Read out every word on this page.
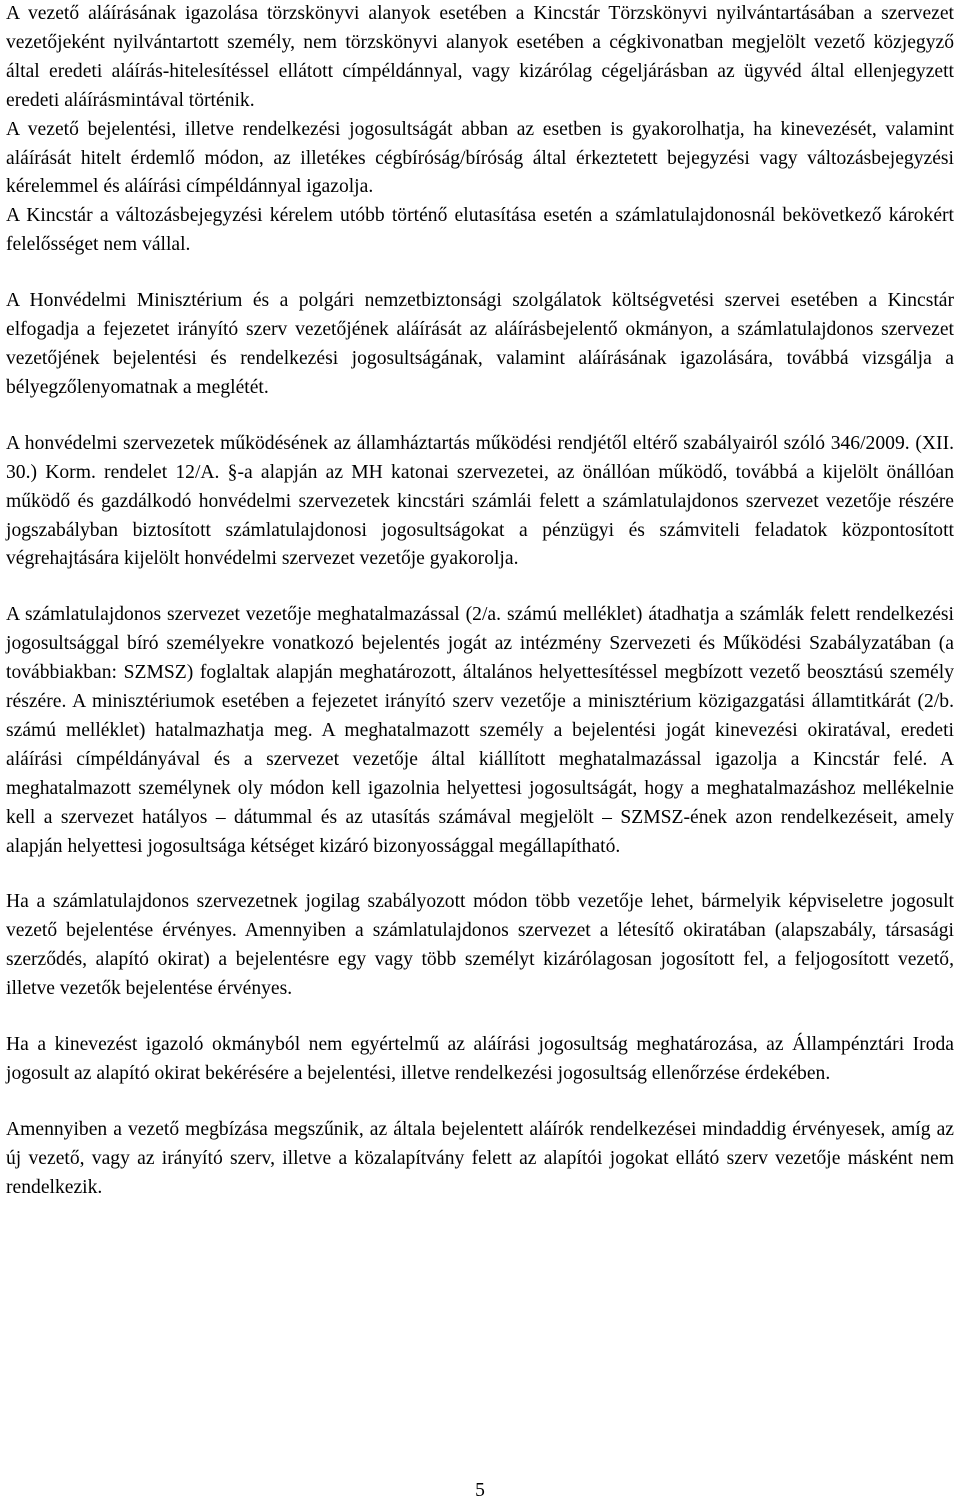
A vezető aláírásának igazolása törzskönyvi alanyok esetében a Kincstár Törzskönyvi nyilvántartásában a szervezet vezetőjeként nyilvántartott személy, nem törzskönyvi alanyok esetében a cégkivonatban megjelölt vezető közjegyző által eredeti aláírás-hitelesítéssel ellátott címpéldánnyal, vagy kizárólag cégeljárásban az ügyvéd által ellenjegyzett eredeti aláírásmintával történik.

A vezető bejelentési, illetve rendelkezési jogosultságát abban az esetben is gyakorolhatja, ha kinevezését, valamint aláírását hitelt érdemlő módon, az illetékes cégbíróság/bíróság által érkeztetett bejegyzési vagy változásbejegyzési kérelemmel és aláírási címpéldánnyal igazolja.

A Kincstár a változásbejegyzési kérelem utóbb történő elutasítása esetén a számlatulajdonosnál bekövetkező károkért felelősséget nem vállal.

A Honvédelmi Minisztérium és a polgári nemzetbiztonsági szolgálatok költségvetési szervei esetében a Kincstár elfogadja a fejezetet irányító szerv vezetőjének aláírását az aláírásbejelentő okmányon, a számlatulajdonos szervezet vezetőjének bejelentési és rendelkezési jogosultságának, valamint aláírásának igazolására, továbbá vizsgálja a bélyegzőlenyomatnak a meglétét.

A honvédelmi szervezetek működésének az államháztartás működési rendjétől eltérő szabályairól szóló 346/2009. (XII. 30.) Korm. rendelet 12/A. §-a alapján az MH katonai szervezetei, az önállóan működő, továbbá a kijelölt önállóan működő és gazdálkodó honvédelmi szervezetek kincstári számlái felett a számlatulajdonos szervezet vezetője részére jogszabályban biztosított számlatulajdonosi jogosultságokat a pénzügyi és számviteli feladatok központosított végrehajtására kijelölt honvédelmi szervezet vezetője gyakorolja.

A számlatulajdonos szervezet vezetője meghatalmazással (2/a. számú melléklet) átadhatja a számlák felett rendelkezési jogosultsággal bíró személyekre vonatkozó bejelentés jogát az intézmény Szervezeti és Működési Szabályzatában (a továbbiakban: SZMSZ) foglaltak alapján meghatározott, általános helyettesítéssel megbízott vezető beosztású személy részére. A minisztériumok esetében a fejezetet irányító szerv vezetője a minisztérium közigazgatási államtitkárát (2/b. számú melléklet) hatalmazhatja meg. A meghatalmazott személy a bejelentési jogát kinevezési okiratával, eredeti aláírási címpéldányával és a szervezet vezetője által kiállított meghatalmazással igazolja a Kincstár felé. A meghatalmazott személynek oly módon kell igazolnia helyettesi jogosultságát, hogy a meghatalmazáshoz mellékelnie kell a szervezet hatályos – dátummal és az utasítás számával megjelölt – SZMSZ-ének azon rendelkezéseit, amely alapján helyettesi jogosultsága kétséget kizáró bizonyossággal megállapítható.

Ha a számlatulajdonos szervezetnek jogilag szabályozott módon több vezetője lehet, bármelyik képviseletre jogosult vezető bejelentése érvényes. Amennyiben a számlatulajdonos szervezet a létesítő okiratában (alapszabály, társasági szerződés, alapító okirat) a bejelentésre egy vagy több személyt kizárólagosan jogosított fel, a feljogosított vezető, illetve vezetők bejelentése érvényes.

Ha a kinevezést igazoló okmányból nem egyértelmű az aláírási jogosultság meghatározása, az Állampénztári Iroda jogosult az alapító okirat bekérésére a bejelentési, illetve rendelkezési jogosultság ellenőrzése érdekében.

Amennyiben a vezető megbízása megszűnik, az általa bejelentett aláírók rendelkezései mindaddig érvényesek, amíg az új vezető, vagy az irányító szerv, illetve a közalapítvány felett az alapítói jogokat ellátó szerv vezetője másként nem rendelkezik.

5
